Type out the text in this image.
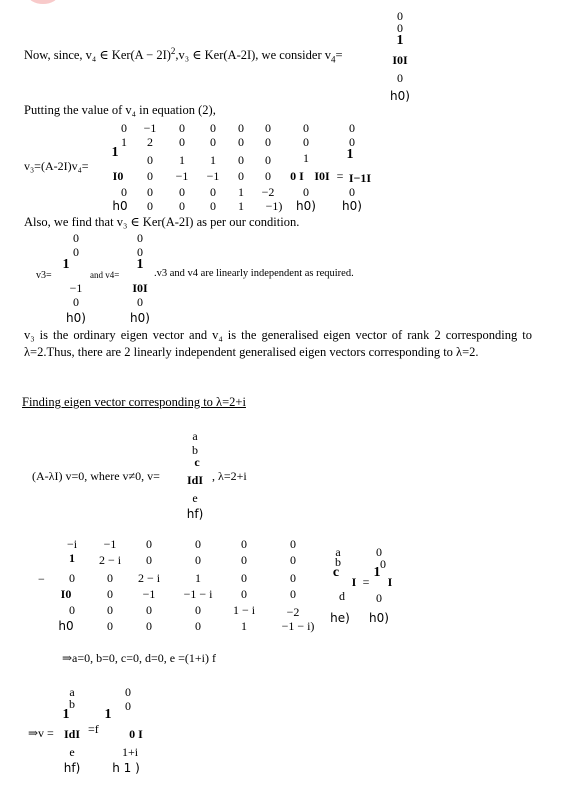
Now, since, v₄ ∈ $Ker(A - 2I)^2,v_3$ ∈ Ker(A-2I), we consider $v_4=$
0
0
1
I0I
0
h0)
Putting the value of v₄ in equation (2),
v₃=(A-2I)v₄=
0 −1 0 0 0 0
1 2 0 0 0 0
1 0 1 1 0 0
I0 0 −1 −1 0 0
0 0 0 0 1 −2
h0 0 0 0 1 −1)
0
0
1
0 I I0I
0
h0)
=
0
0
1
I−1I
0
h0)
Also, we find that v₃ ∈ Ker(A-2I) as per our condition.
v3=
0
0
1
−1
0
h0)
and v4=
0
0
1
I0I
0
h0)
.v3 and v4 are linearly independent as required.
v₃ is the ordinary eigen vector and v₄ is the generalised eigen vector of rank 2 corresponding to λ=2.Thus, there are 2 linearly independent generalised eigen vectors corresponding to λ=2.
Finding eigen vector corresponding to λ=2+i
(A-λI) v=0, where v≠0, v=
a
b
c
IdI
e
hf)
, λ=2+i
−
−i −1 0	0	0	0
1 2 − i 0	0	0	0
0	0 2 − i	1	0	0
I0	0 −1 −1 − i 0	0
0	0	0	0	1 − i	−2
h0	0	0	0	1	−1 − i)
a
b
c
I
d
he)
=
0
0
1
I
0
h0)
⇒a=0, b=0, c=0, d=0, e =(1+i) f
⇒v =
a
b
1
IdI
e
hf)
=f
0
0
1
0 I
1+i
h 1 )
